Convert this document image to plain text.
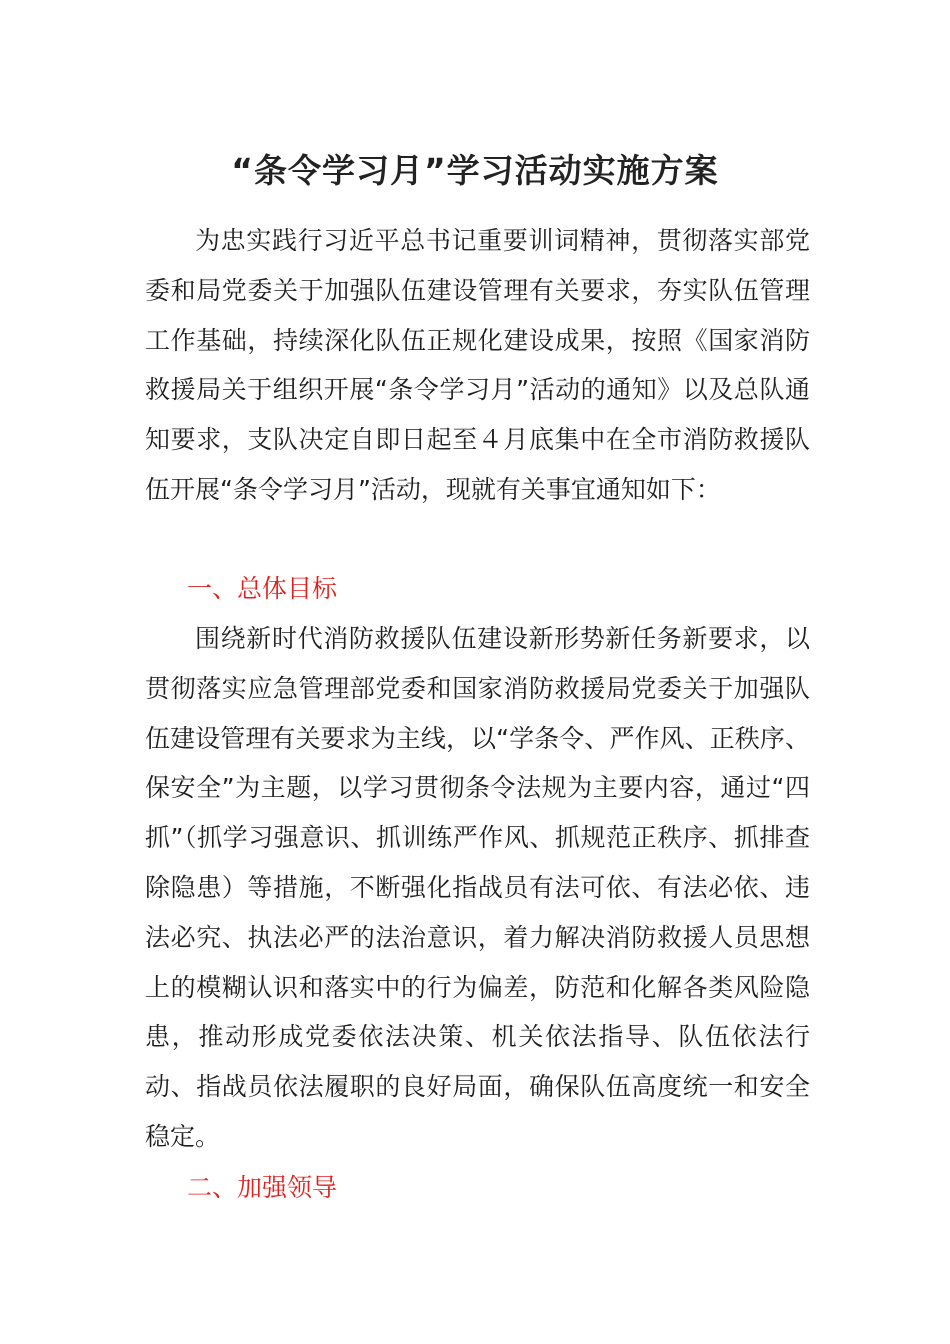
“条令学习月”学习活动实施方案

为忠实践行习近平总书记重要训词精神，贯彻落实部党委和局党委关于加强队伍建设管理有关要求，夯实队伍管理工作基础，持续深化队伍正规化建设成果，按照《国家消防救援局关于组织开展“条令学习月”活动的通知》以及总队通知要求，支队决定自即日起至４月底集中在全市消防救援队伍开展“条令学习月”活动，现就有关事宜通知如下：

一、总体目标

围绕新时代消防救援队伍建设新形势新任务新要求，以贯彻落实应急管理部党委和国家消防救援局党委关于加强队伍建设管理有关要求为主线，以“学条令、严作风、正秩序、保安全”为主题，以学习贯彻条令法规为主要内容，通过“四抓”（抓学习强意识、抓训练严作风、抓规范正秩序、抓排查除隐患）等措施，不断强化指战员有法可依、有法必依、违法必究、执法必严的法治意识，着力解决消防救援人员思想上的模糊认识和落实中的行为偏差，防范和化解各类风险隐患，推动形成党委依法决策、机关依法指导、队伍依法行动、指战员依法履职的良好局面，确保队伍高度统一和安全稳定。

二、加强领导
